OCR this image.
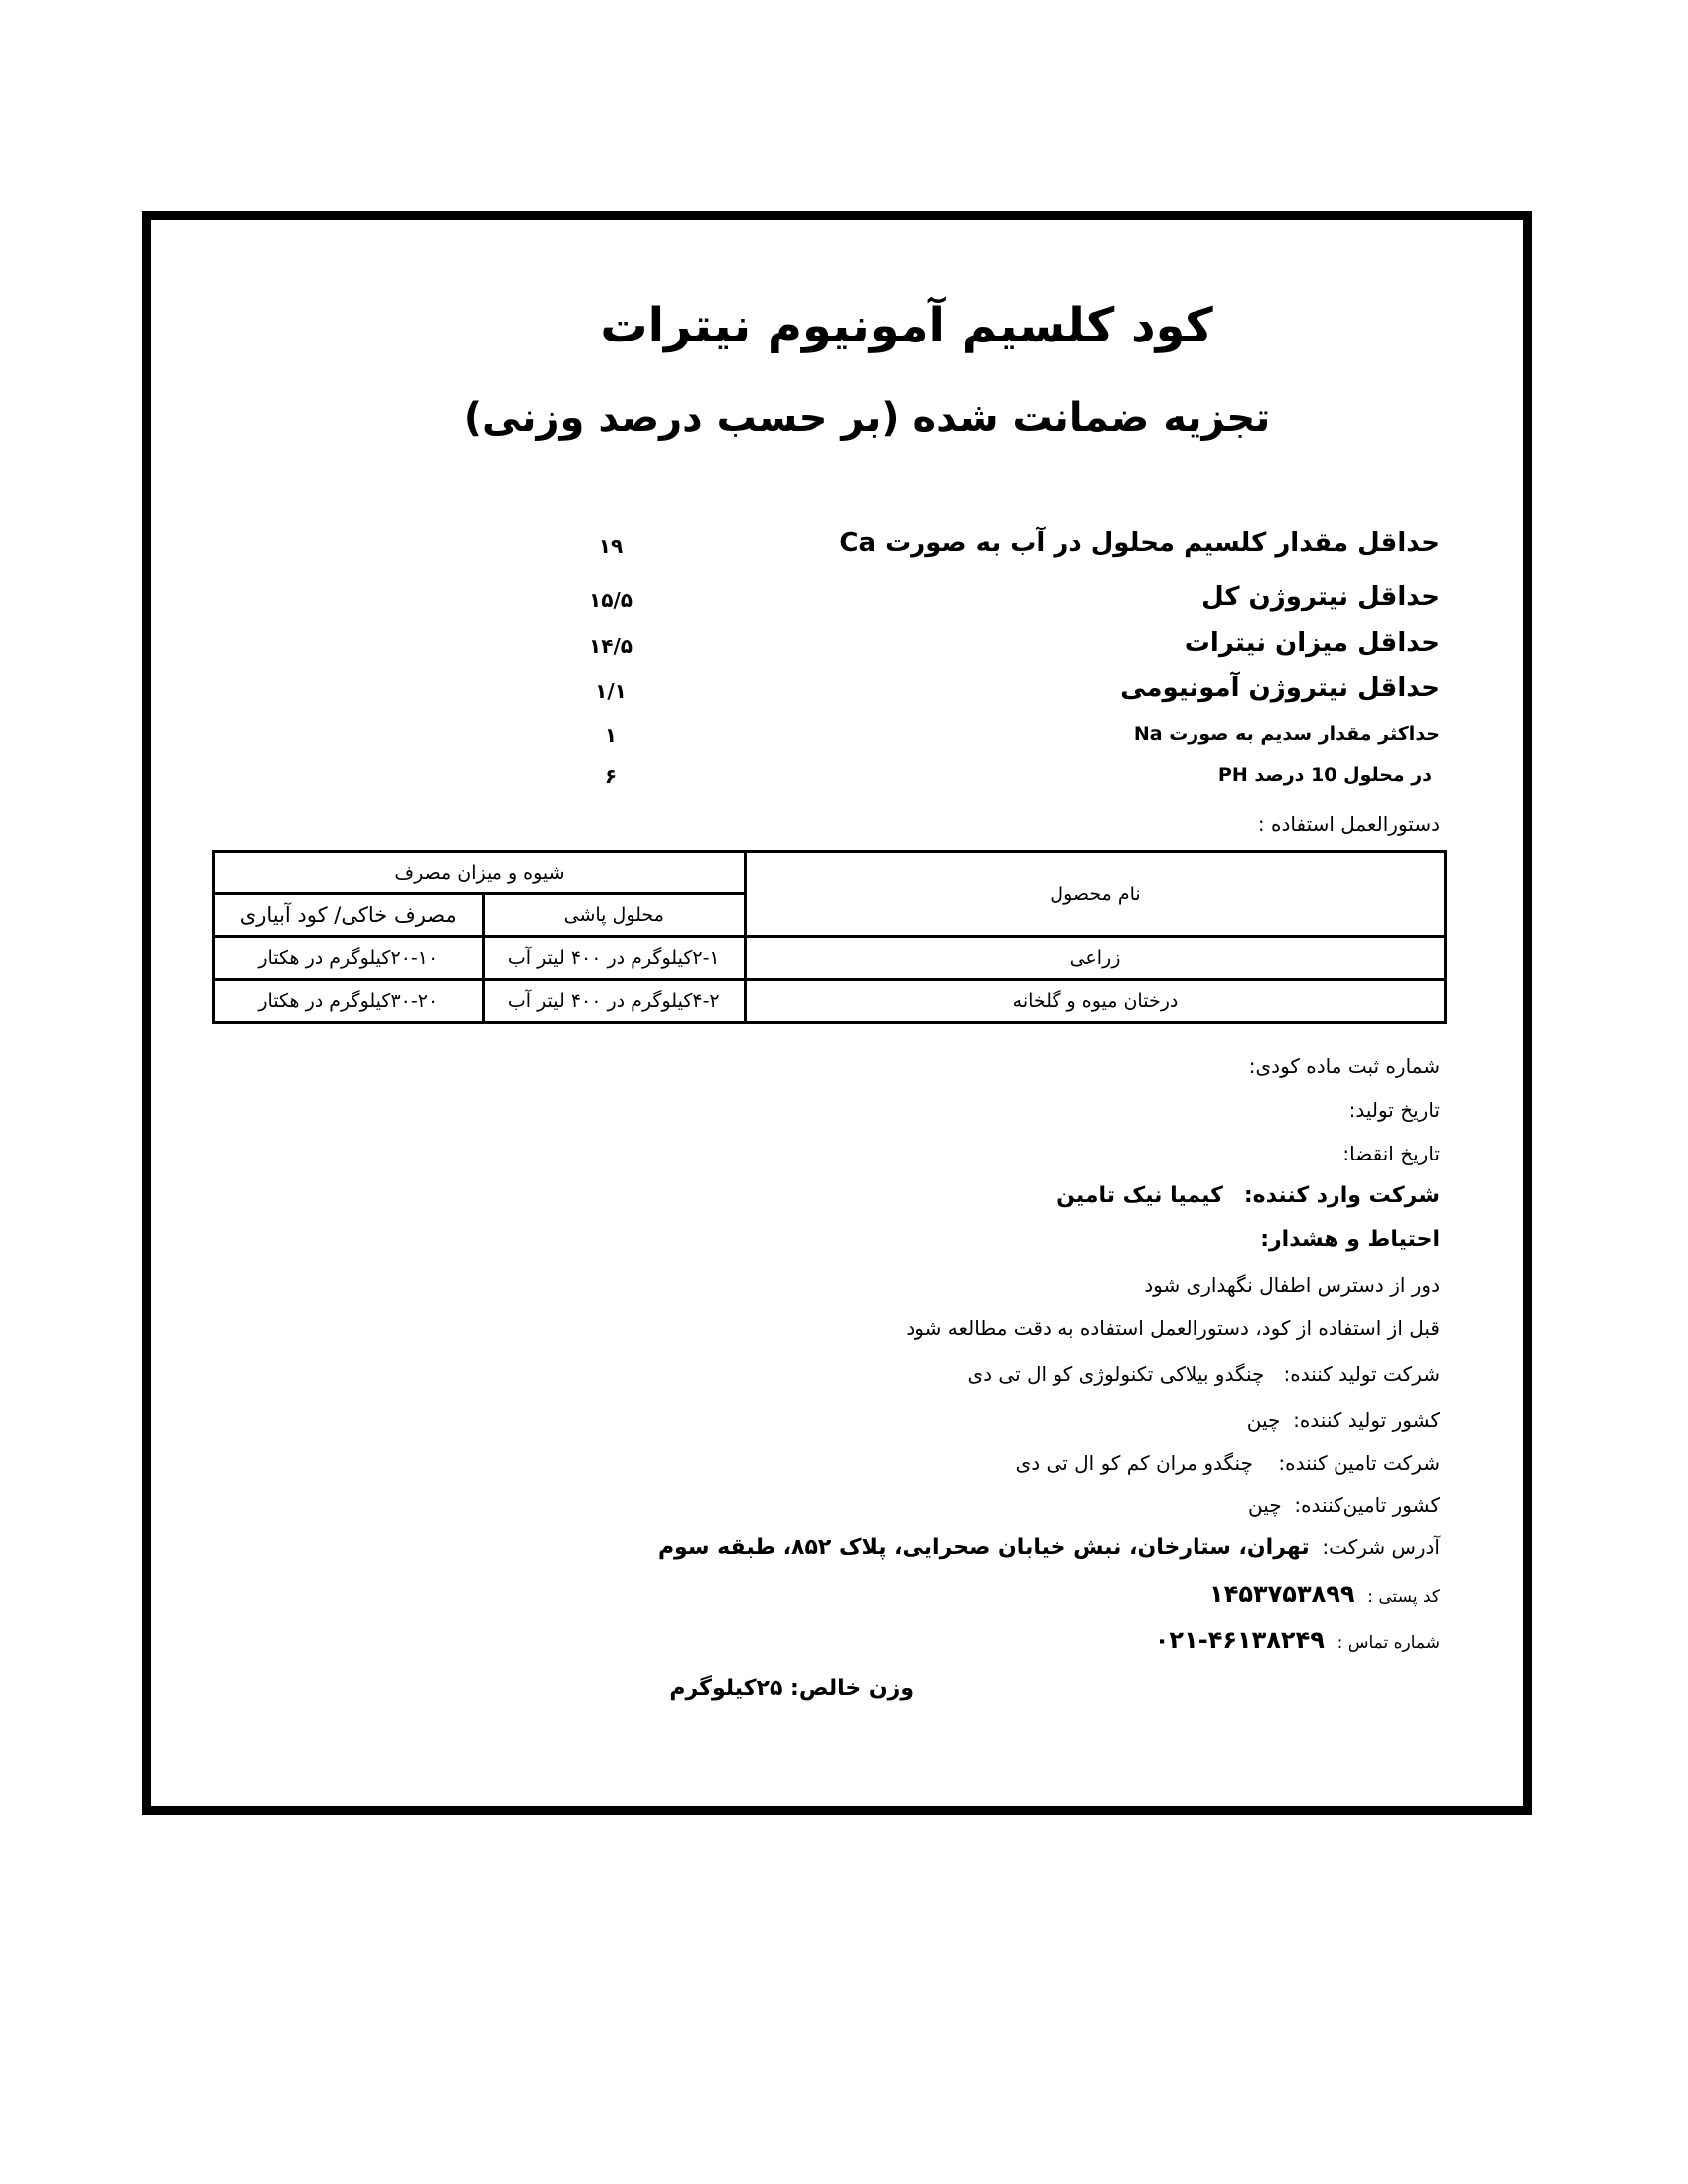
کود کلسیم آمونیوم نیترات
تجزیه ضمانت شده (بر حسب درصد وزنی)
حداقل مقدار کلسیم محلول در آب به صورت Ca
۱۹
حداقل نیتروژن کل
۱۵/۵
حداقل میزان نیترات
۱۴/۵
حداقل نیتروژن آمونیومی
۱/۱
حداکثر مقدار سدیم به صورت Na
۱
PH در محلول 10 درصد
۶
دستورالعمل استفاده :
نام محصول	شیوه و میزان مصرف	
	محلول پاشی	مصرف خاکی/ کود آبیاری
زراعی	۲-۱کیلوگرم در ۴۰۰ لیتر آب	۲۰-۱۰کیلوگرم در هکتار
درختان میوه و گلخانه	۴-۲کیلوگرم در ۴۰۰ لیتر آب	۳۰-۲۰کیلوگرم در هکتار
شماره ثبت ماده کودی:
تاریخ تولید:
تاریخ انقضا:
شرکت وارد کننده:   کیمیا نیک تامین
احتیاط و هشدار:
دور از دسترس اطفال نگهداری شود
قبل از استفاده از کود، دستورالعمل استفاده به دقت مطالعه شود
شرکت تولید کننده:   چنگدو بیلاکی تکنولوژی کو ال تی دی
کشور تولید کننده:  چین
شرکت تامین کننده:    چنگدو مران کم کو ال تی دی
کشور تامین‌کننده:  چین
آدرس شرکت:  تهران، ستارخان، نبش خیابان صحرایی، پلاک ۸۵۲، طبقه سوم
کد پستی :  ۱۴۵۳۷۵۳۸۹۹
شماره تماس :  ۰۲۱-۴۶۱۳۸۲۴۹
وزن خالص: ۲۵کیلوگرم
